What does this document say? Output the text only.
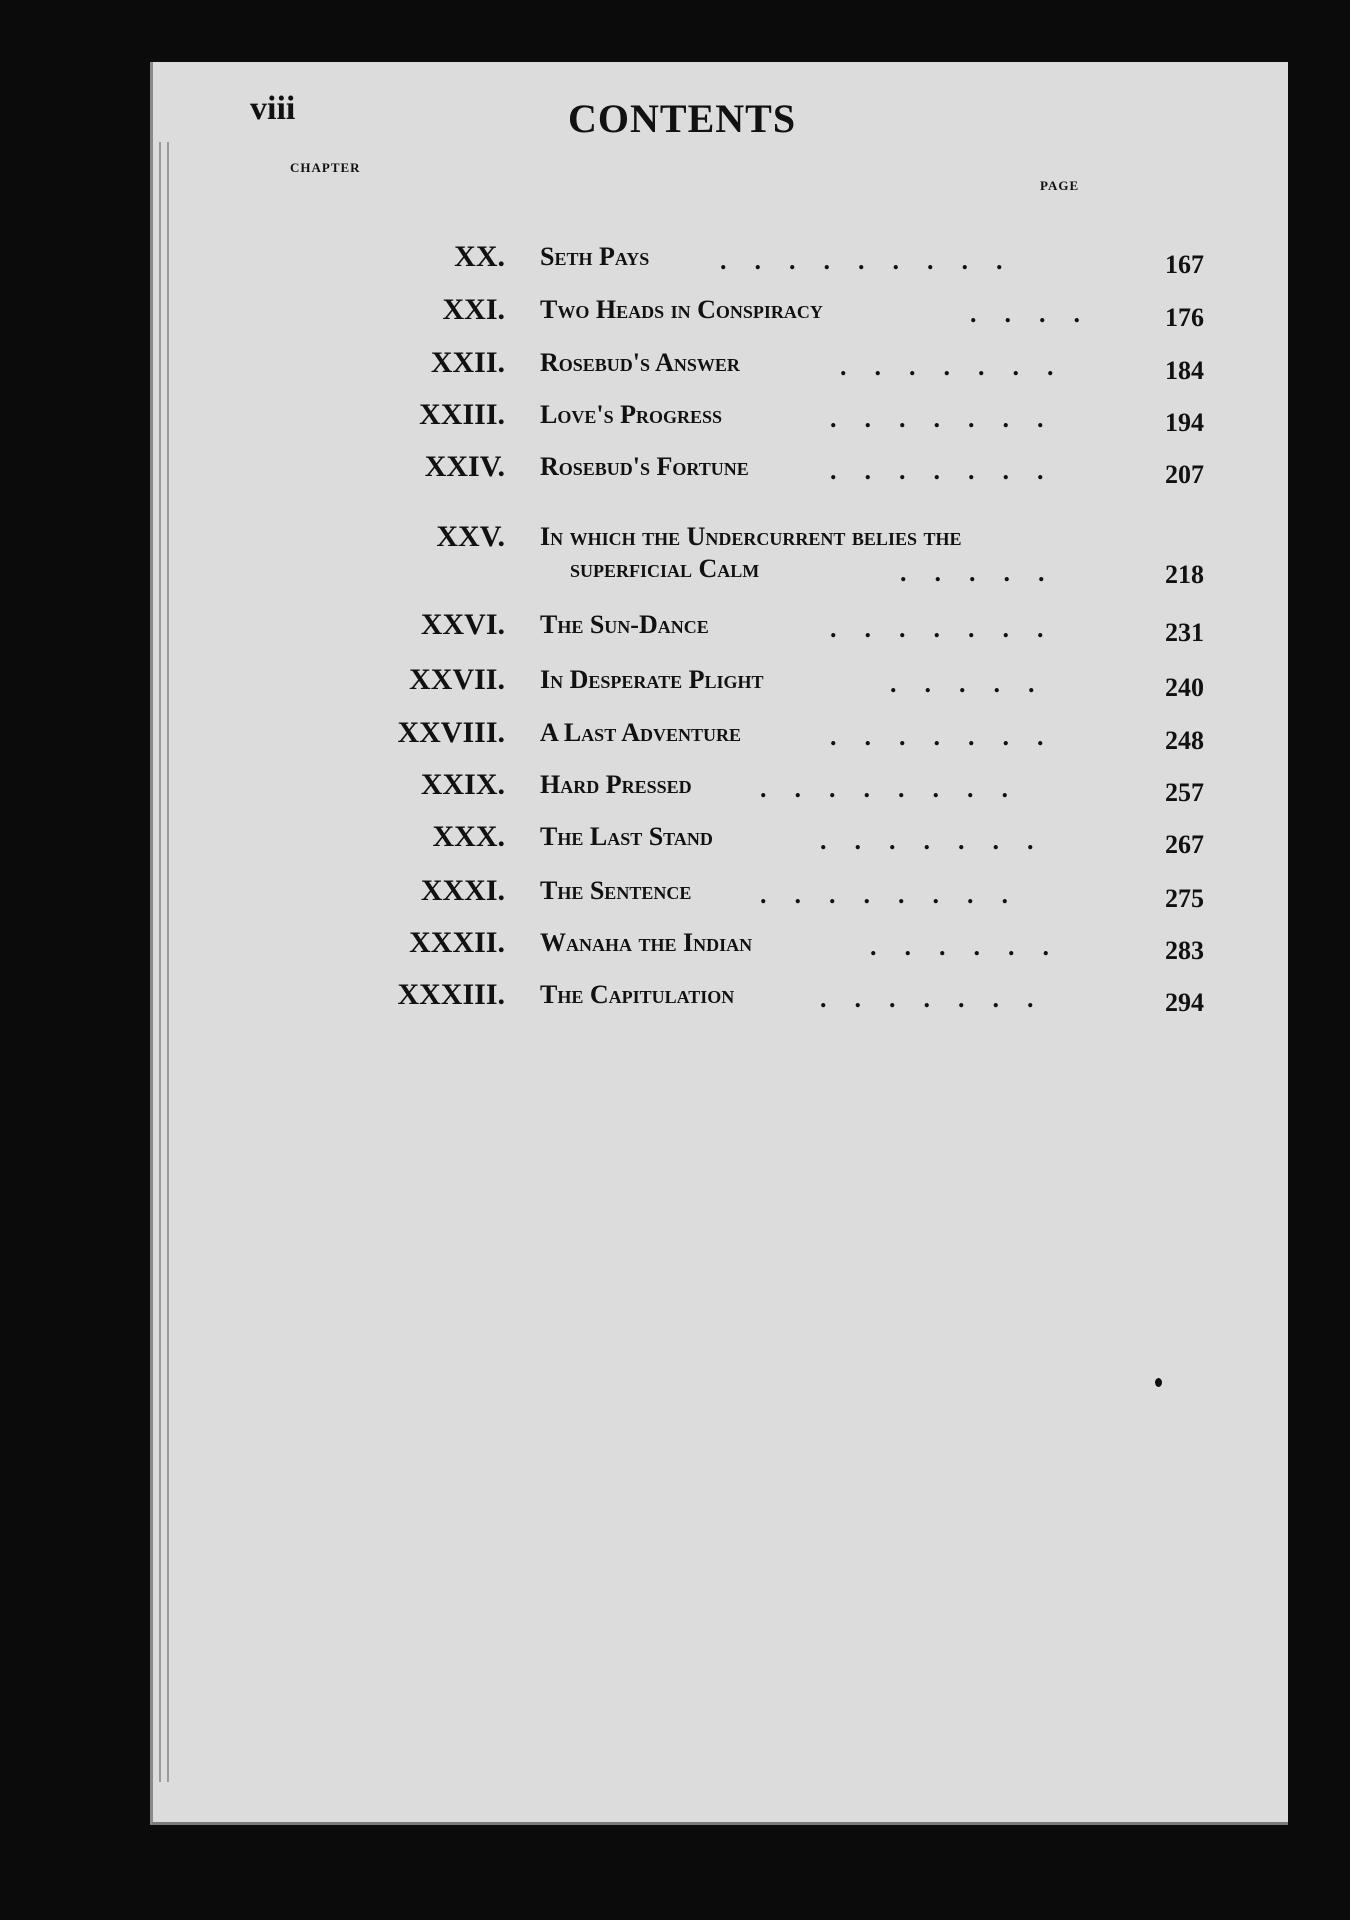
viii	CONTENTS
CHAPTER
PAGE
XX. Seth Pays	.........	167
XXI. Two Heads in Conspiracy	.... 176
XXII. Rosebud's Answer	.......	184
XXIII. Love's Progress	.......	194
XXIV. Rosebud's Fortune	.......	207
XXV. In which the Undercurrent belies the
superficial Calm	.....	218
XXVI. The Sun-Dance	.......	231
XXVII. In Desperate Plight	.....	240
XXVIII. A Last Adventure	.......	248
XXIX. Hard Pressed	........	257
XXX. The Last Stand	.......	267
XXXI. The Sentence	........	275
XXXII. Wanaha the Indian	......	283
XXXIII. The Capitulation	.......	294
